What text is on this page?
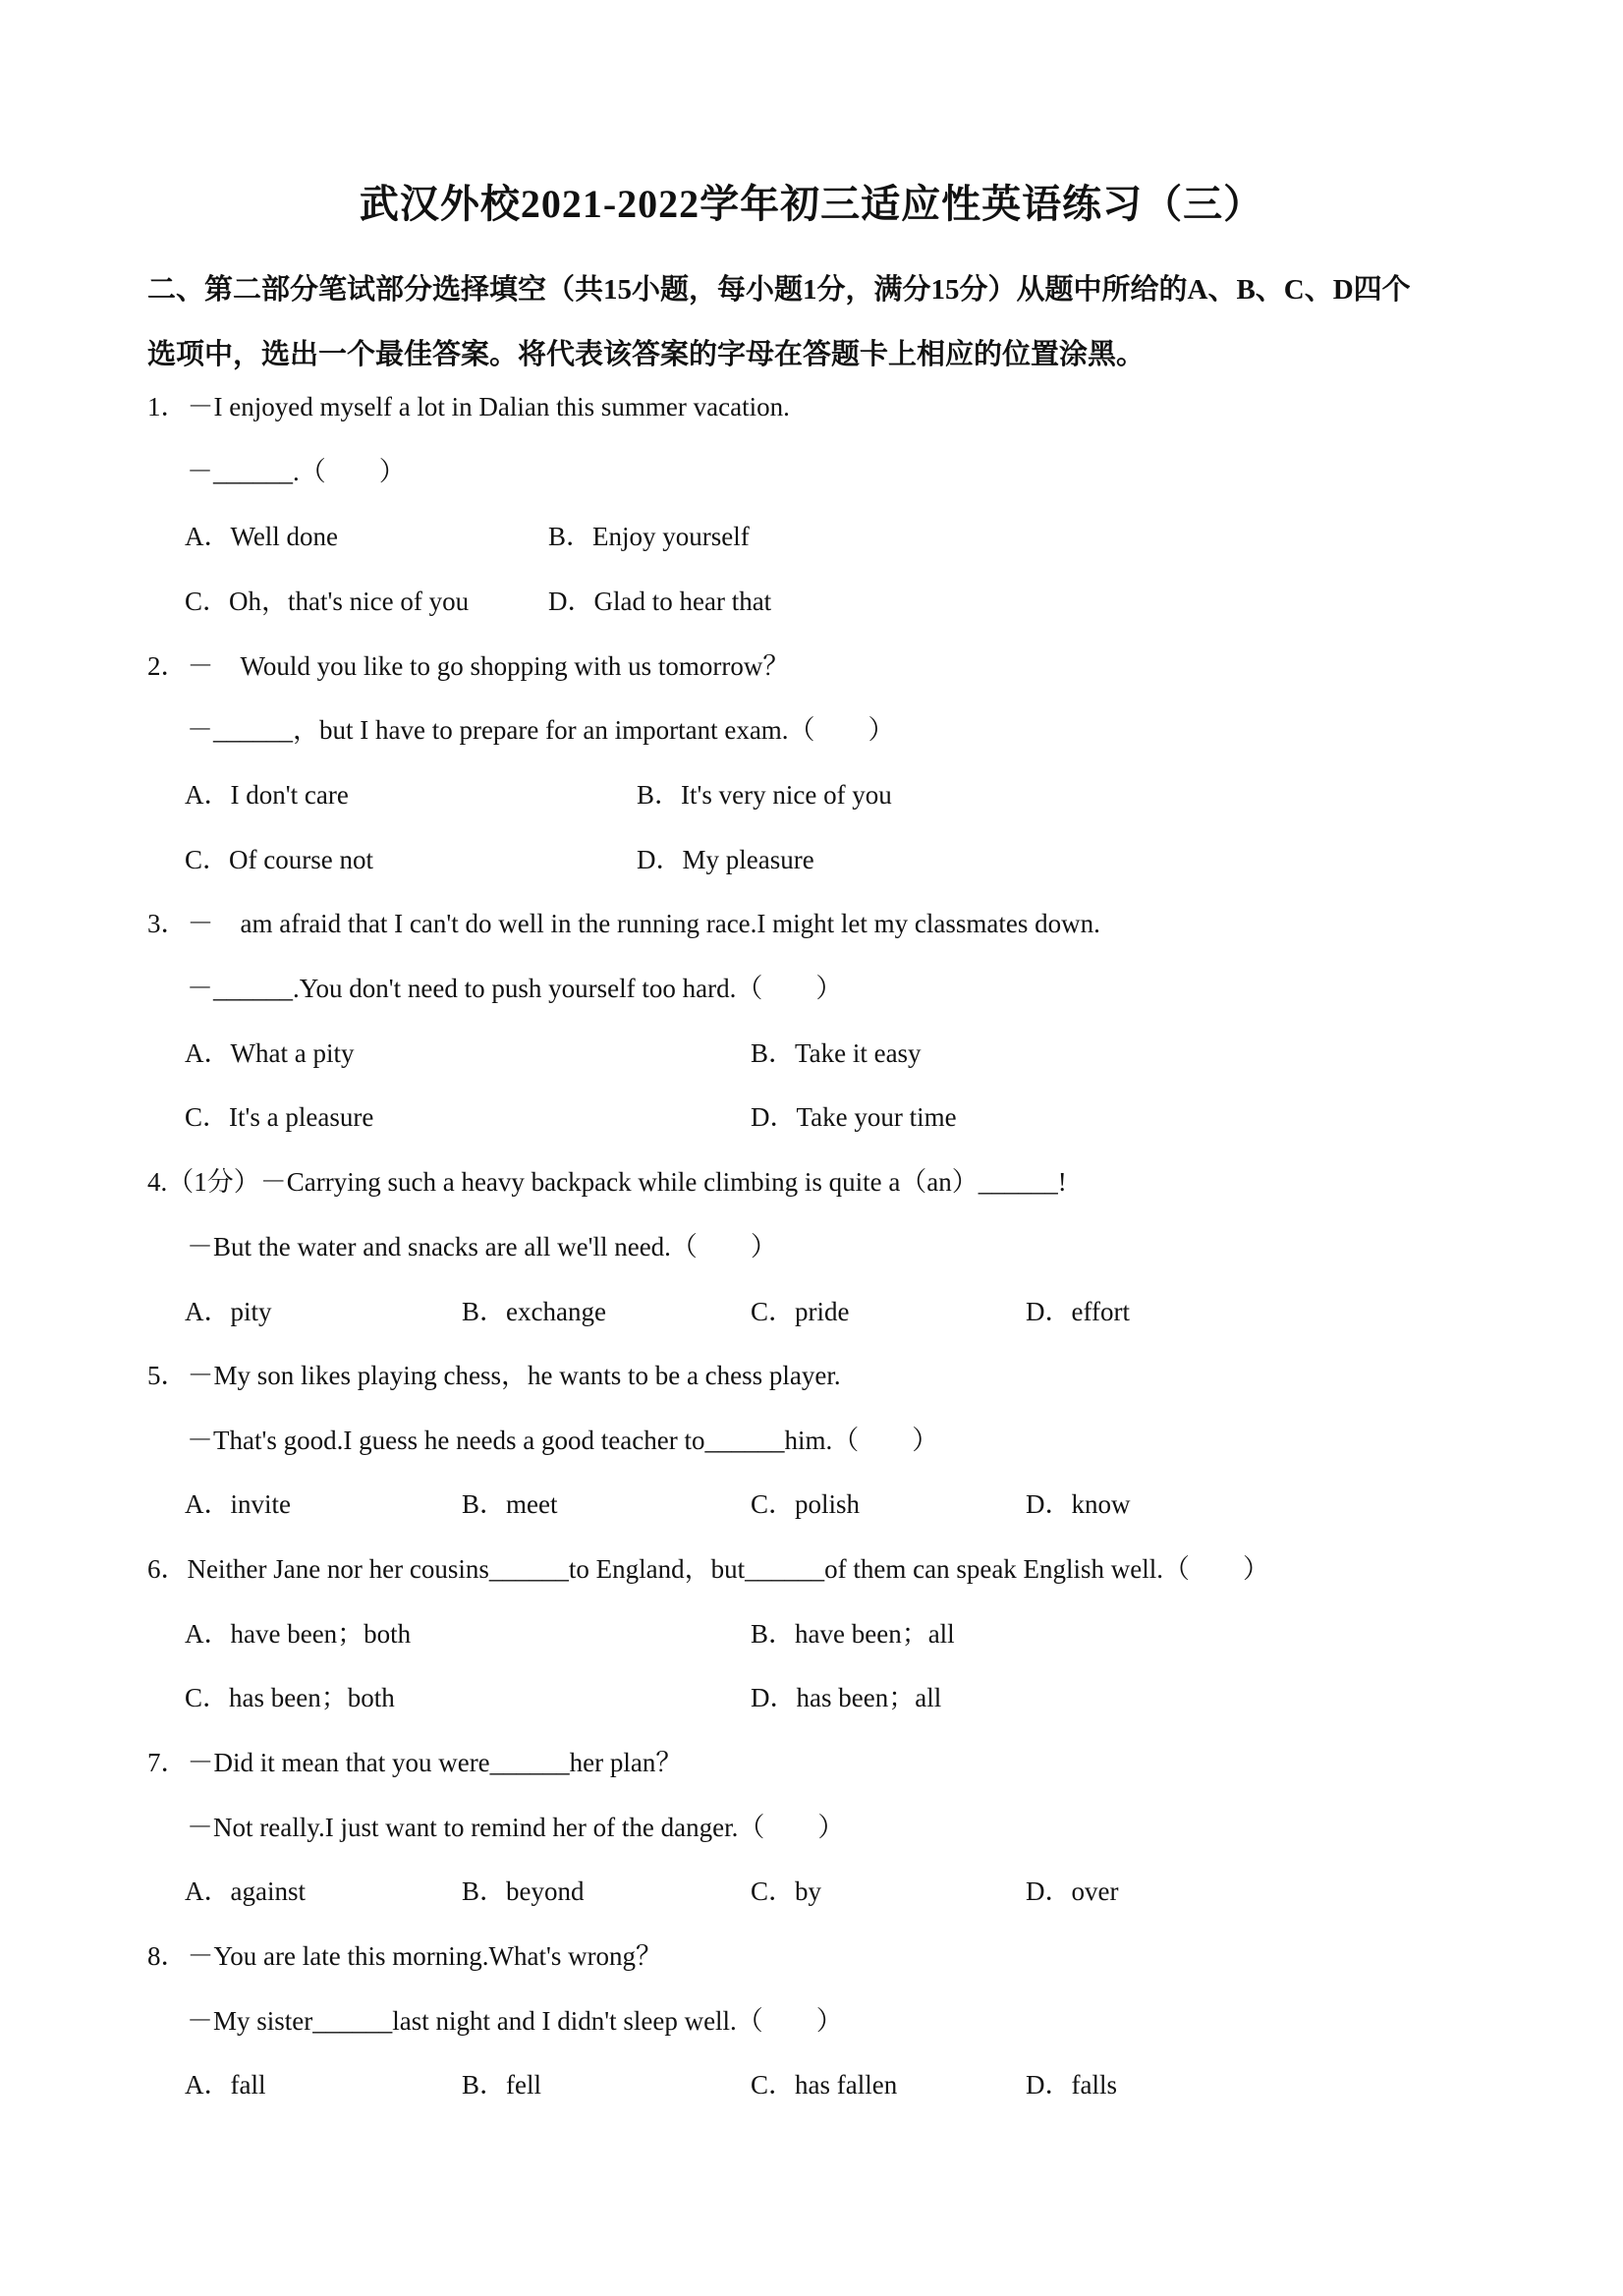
武汉外校2021-2022学年初三适应性英语练习（三）
二、第二部分笔试部分选择填空（共15小题，每小题1分，满分15分）从题中所给的A、B、C、D四个
选项中，选出一个最佳答案。将代表该答案的字母在答题卡上相应的位置涂黑。
1．－I enjoyed myself a lot in Dalian this summer vacation.
－______.（　　）
A．Well done	B．Enjoy yourself
C．Oh，that's nice of you	D．Glad to hear that
2．－　Would you like to go shopping with us tomorrow？
－______，but I have to prepare for an important exam.（　　）
A．I don't care	B．It's very nice of you
C．Of course not	D．My pleasure
3．－　am afraid that I can't do well in the running race.I might let my classmates down.
－______.You don't need to push yourself too hard.（　　）
A．What a pity	B．Take it easy
C．It's a pleasure	D．Take your time
4.（1分）－Carrying such a heavy backpack while climbing is quite a（an）______!
－But the water and snacks are all we'll need.（　　）
A．pity	B．exchange	C．pride	D．effort
5．－My son likes playing chess，he wants to be a chess player.
－That's good.I guess he needs a good teacher to______him.（　　）
A．invite	B．meet	C．polish	D．know
6．Neither Jane nor her cousins______to England，but______of them can speak English well.（　　）
A．have been；both	B．have been；all
C．has been；both	D．has been；all
7．－Did it mean that you were______her plan？
－Not really.I just want to remind her of the danger.（　　）
A．against	B．beyond	C．by	D．over
8．－You are late this morning.What's wrong？
－My sister______last night and I didn't sleep well.（　　）
A．fall	B．fell	C．has fallen	D．falls
